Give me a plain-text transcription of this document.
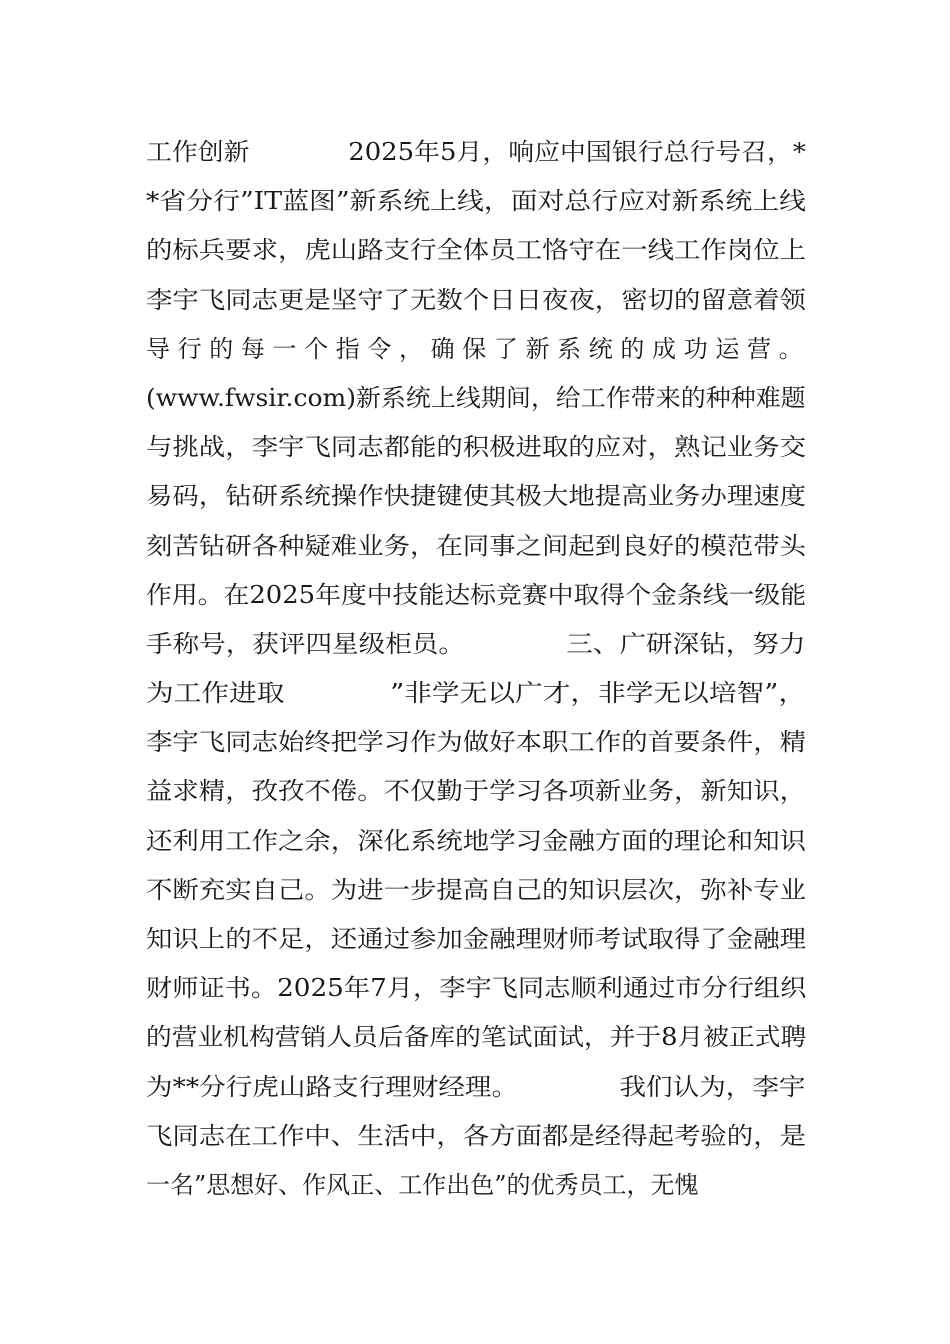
工作创新            2025年5月，响应中国银行总行号召，*
*省分行”IT蓝图”新系统上线，面对总行应对新系统上线
的标兵要求，虎山路支行全体员工恪守在一线工作岗位上
李宇飞同志更是坚守了无数个日日夜夜，密切的留意着领
导 行 的 每 一 个 指 令 ， 确 保 了 新 系 统 的 成 功 运 营 。
(www.fwsir.com)新系统上线期间，给工作带来的种种难题
与挑战，李宇飞同志都能的积极进取的应对，熟记业务交
易码，钻研系统操作快捷键使其极大地提高业务办理速度
刻苦钻研各种疑难业务，在同事之间起到良好的模范带头
作用。在2025年度中技能达标竞赛中取得个金条线一级能
手称号，获评四星级柜员。            三、广研深钻，努力
为工作进取            ”非学无以广才，非学无以培智”，
李宇飞同志始终把学习作为做好本职工作的首要条件，精
益求精，孜孜不倦。不仅勤于学习各项新业务，新知识，
还利用工作之余，深化系统地学习金融方面的理论和知识
不断充实自己。为进一步提高自己的知识层次，弥补专业
知识上的不足，还通过参加金融理财师考试取得了金融理
财师证书。2025年7月，李宇飞同志顺利通过市分行组织
的营业机构营销人员后备库的笔试面试，并于8月被正式聘
为**分行虎山路支行理财经理。            我们认为，李宇
飞同志在工作中、生活中，各方面都是经得起考验的，是
一名”思想好、作风正、工作出色”的优秀员工，无愧
